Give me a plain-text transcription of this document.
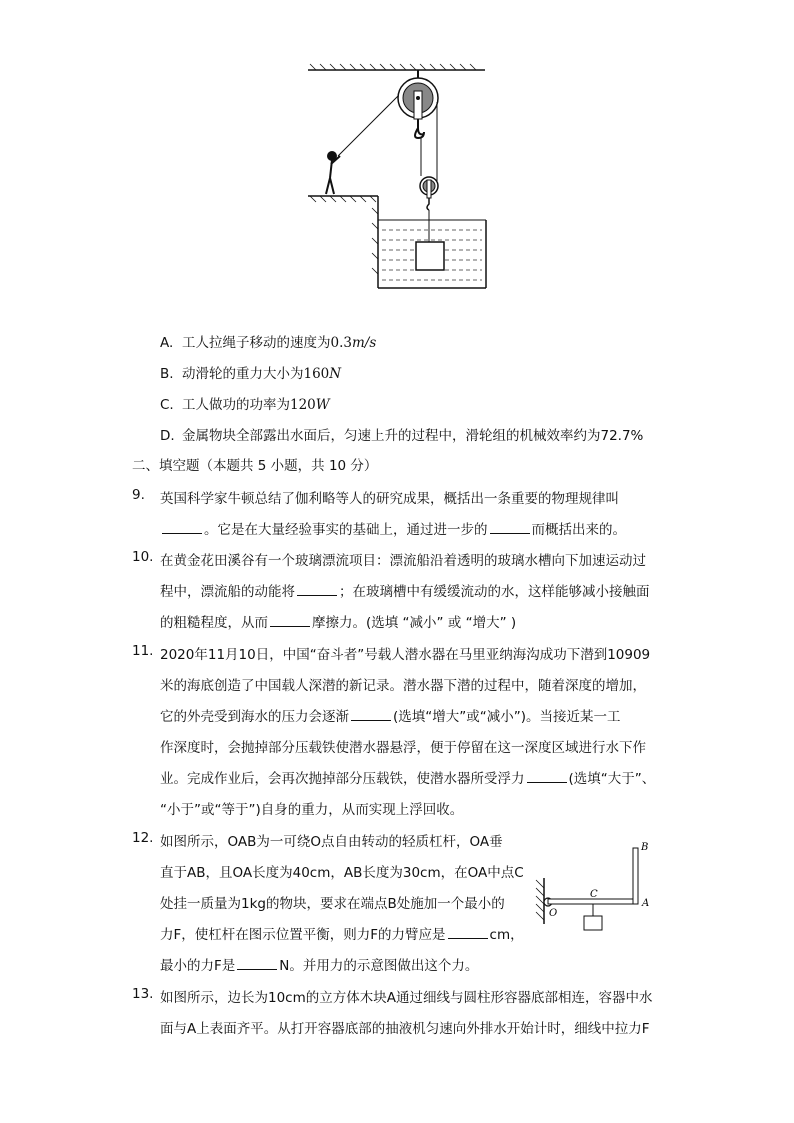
A. 工人拉绳子移动的速度为0.3m/s
B. 动滑轮的重力大小为160N
C. 工人做功的功率为120W
D. 金属物块全部露出水面后，匀速上升的过程中，滑轮组的机械效率约为72.7%
二、填空题（本题共 5 小题，共 10 分）
9.	英国科学家牛顿总结了伽利略等人的研究成果，概括出一条重要的物理规律叫
。它是在大量经验事实的基础上，通过进一步的	而概括出来的。
10. 在黄金花田溪谷有一个玻璃漂流项目：漂流船沿着透明的玻璃水槽向下加速运动过
程中，漂流船的动能将	；在玻璃槽中有缓缓流动的水，这样能够减小接触面
的粗糙程度，从而	摩擦力。(选填 “减小” 或 “增大” )
11. 2020年11月10日，中国“奋斗者”号载人潜水器在马里亚纳海沟成功下潜到10909
米的海底创造了中国载人深潜的新记录。潜水器下潜的过程中，随着深度的增加，
它的外壳受到海水的压力会逐渐	(选填“增大”或“减小”)。当接近某一工
作深度时，会抛掉部分压载铁使潜水器悬浮，便于停留在这一深度区域进行水下作
业。完成作业后，会再次抛掉部分压载铁，使潜水器所受浮力	(选填“大于”、
“小于”或“等于”)自身的重力，从而实现上浮回收。
12. 如图所示，OAB为一可绕O点自由转动的轻质杠杆，OA垂
直于AB，且OA长度为40cm，AB长度为30cm，在OA中点C
处挂一质量为1kg的物块，要求在端点B处施加一个最小的
力F，使杠杆在图示位置平衡，则力F的力臂应是	cm，
最小的力F是	N。并用力的示意图做出这个力。
B
C
O
A
13. 如图所示，边长为10cm的立方体木块A通过细线与圆柱形容器底部相连，容器中水
面与A上表面齐平。从打开容器底部的抽液机匀速向外排水开始计时，细线中拉力F
